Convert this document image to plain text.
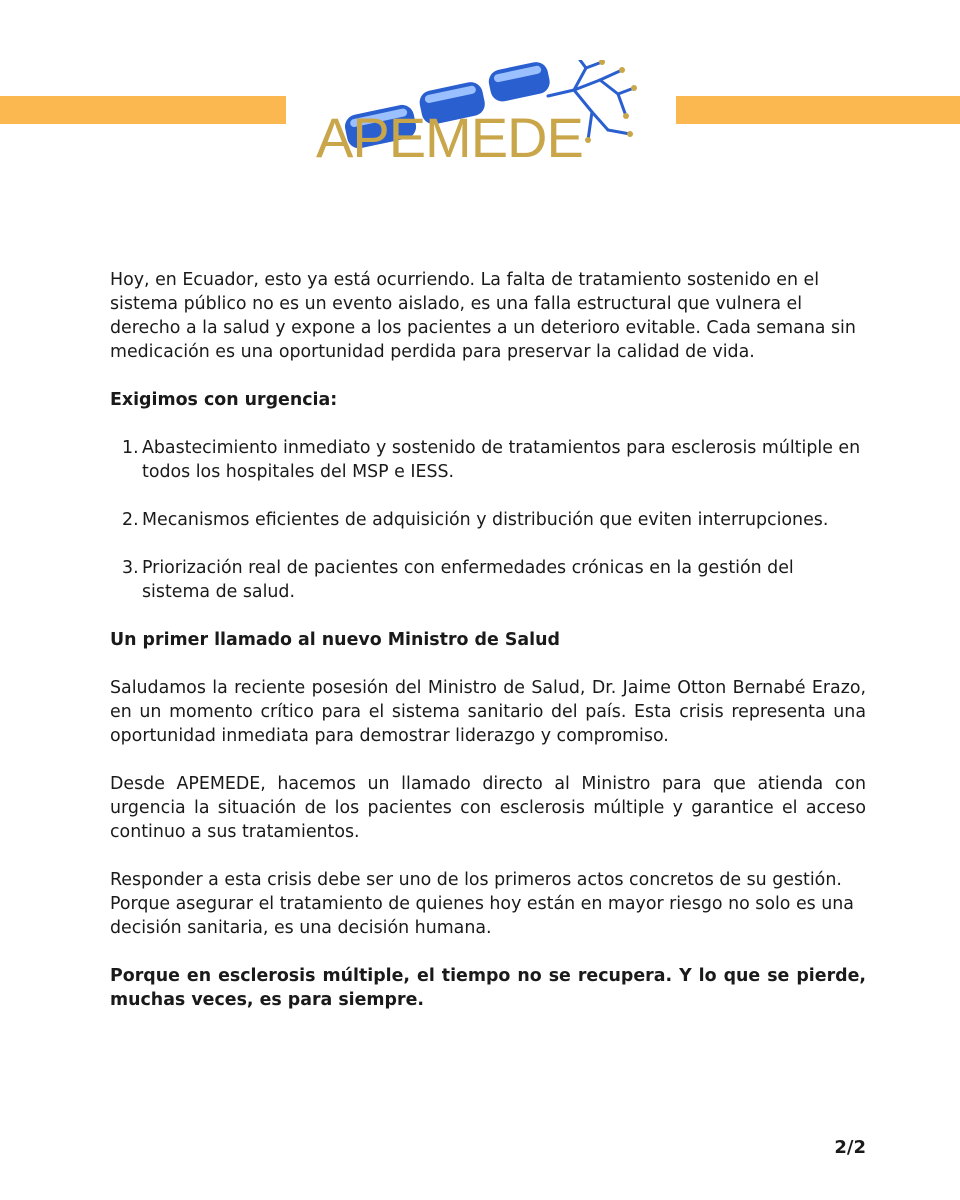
APEMEDE

Hoy, en Ecuador, esto ya está ocurriendo. La falta de tratamiento sostenido en el sistema público no es un evento aislado, es una falla estructural que vulnera el derecho a la salud y expone a los pacientes a un deterioro evitable. Cada semana sin medicación es una oportunidad perdida para preservar la calidad de vida.

Exigimos con urgencia:

1. Abastecimiento inmediato y sostenido de tratamientos para esclerosis múltiple en todos los hospitales del MSP e IESS.
2. Mecanismos eficientes de adquisición y distribución que eviten interrupciones.
3. Priorización real de pacientes con enfermedades crónicas en la gestión del sistema de salud.

Un primer llamado al nuevo Ministro de Salud

Saludamos la reciente posesión del Ministro de Salud, Dr. Jaime Otton Bernabé Erazo, en un momento crítico para el sistema sanitario del país. Esta crisis representa una oportunidad inmediata para demostrar liderazgo y compromiso.

Desde APEMEDE, hacemos un llamado directo al Ministro para que atienda con urgencia la situación de los pacientes con esclerosis múltiple y garantice el acceso continuo a sus tratamientos.

Responder a esta crisis debe ser uno de los primeros actos concretos de su gestión. Porque asegurar el tratamiento de quienes hoy están en mayor riesgo no solo es una decisión sanitaria, es una decisión humana.

Porque en esclerosis múltiple, el tiempo no se recupera. Y lo que se pierde, muchas veces, es para siempre.

2/2
